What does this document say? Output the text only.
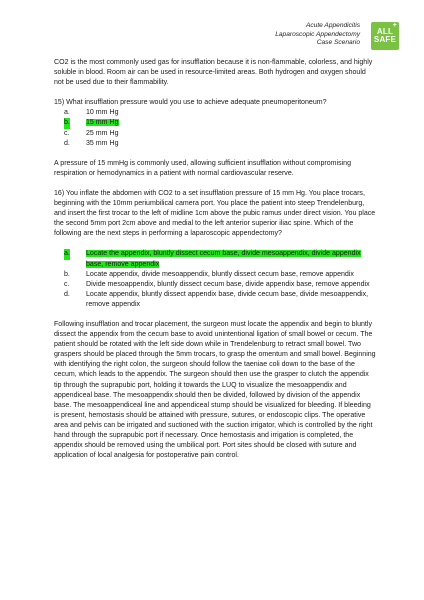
Acute Appendicitis
Laparoscopic Appendectomy
Case Scenario
+
ALL
SAFE

CO2 is the most commonly used gas for insufflation because it is non-flammable, colorless, and highly soluble in blood. Room air can be used in resource-limited areas. Both hydrogen and oxygen should not be used due to their flammability.

15) What insufflation pressure would you use to achieve adequate pneumoperitoneum?

a. 10 mm Hg
b. 15 mm Hg
c. 25 mm Hg
d. 35 mm Hg

A pressure of 15 mmHg is commonly used, allowing sufficient insufflation without compromising respiration or hemodynamics in a patient with normal cardiovascular reserve.

16) You inflate the abdomen with CO2 to a set insufflation pressure of 15 mm Hg. You place trocars, beginning with the 10mm periumbilical camera port. You place the patient into steep Trendelenburg, and insert the first trocar to the left of midline 1cm above the pubic ramus under direct vision. You place the second 5mm port 2cm above and medial to the left anterior superior iliac spine. Which of the following are the next steps in performing a laparoscopic appendectomy?

a. Locate the appendix, bluntly dissect cecum base, divide mesoappendix, divide appendix base, remove appendix
b. Locate appendix, divide mesoappendix, bluntly dissect cecum base, remove appendix
c. Divide mesoappendix, bluntly dissect cecum base, divide appendix base, remove appendix
d. Locate appendix, bluntly dissect appendix base, divide cecum base, divide mesoappendix, remove appendix

Following insufflation and trocar placement, the surgeon must locate the appendix and begin to bluntly dissect the appendix from the cecum base to avoid unintentional ligation of small bowel or cecum. The patient should be rotated with the left side down while in Trendelenburg to retract small bowel. Two graspers should be placed through the 5mm trocars, to grasp the omentum and small bowel. Beginning with identifying the right colon, the surgeon should follow the taeniae coli down to the base of the cecum, which leads to the appendix. The surgeon should then use the grasper to clutch the appendix tip through the suprapubic port, holding it towards the LUQ to visualize the mesoappendix and appendiceal base. The mesoappendix should then be divided, followed by division of the appendix base. The mesoappendiceal line and appendiceal stump should be visualized for bleeding. If bleeding is present, hemostasis should be attained with pressure, sutures, or endoscopic clips. The operative area and pelvis can be irrigated and suctioned with the suction irrigator, which is controlled by the right hand through the suprapubic port if necessary. Once hemostasis and irrigation is completed, the appendix should be removed using the umbilical port. Port sites should be closed with suture and application of local analgesia for postoperative pain control.
